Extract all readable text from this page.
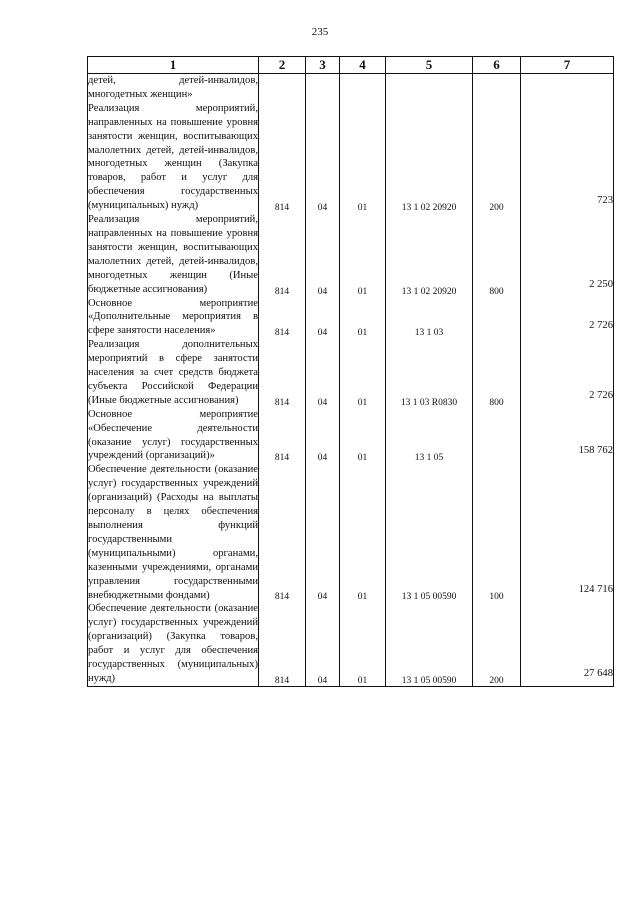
235
1	2	3	4	5	6	7
детей, детей-инвалидов, многодетных женщин»						
Реализация мероприятий, направленных на повышение уровня занятости женщин, воспитывающих малолетних детей, детей-инвалидов, многодетных женщин (Закупка товаров, работ и услуг для обеспечения государственных (муниципальных) нужд)	814	04	01	13 1 02 20920	200	723
Реализация мероприятий, направленных на повышение уровня занятости женщин, воспитывающих малолетних детей, детей-инвалидов, многодетных женщин (Иные бюджетные ассигнования)	814	04	01	13 1 02 20920	800	2 250
Основное мероприятие «Дополнительные мероприятия в сфере занятости населения»	814	04	01	13 1 03		2 726
Реализация дополнительных мероприятий в сфере занятости населения за счет средств бюджета субъекта Российской Федерации (Иные бюджетные ассигнования)	814	04	01	13 1 03 R0830	800	2 726
Основное мероприятие «Обеспечение деятельности (оказание услуг) государственных учреждений (организаций)»	814	04	01	13 1 05		158 762
Обеспечение деятельности (оказание услуг) государственных учреждений (организаций) (Расходы на выплаты персоналу в целях обеспечения выполнения функций государственными (муниципальными) органами, казенными учреждениями, органами управления государственными внебюджетными фондами)	814	04	01	13 1 05 00590	100	124 716
Обеспечение деятельности (оказание услуг) государственных учреждений (организаций) (Закупка товаров, работ и услуг для обеспечения государственных (муниципальных) нужд)	814	04	01	13 1 05 00590	200	27 648
